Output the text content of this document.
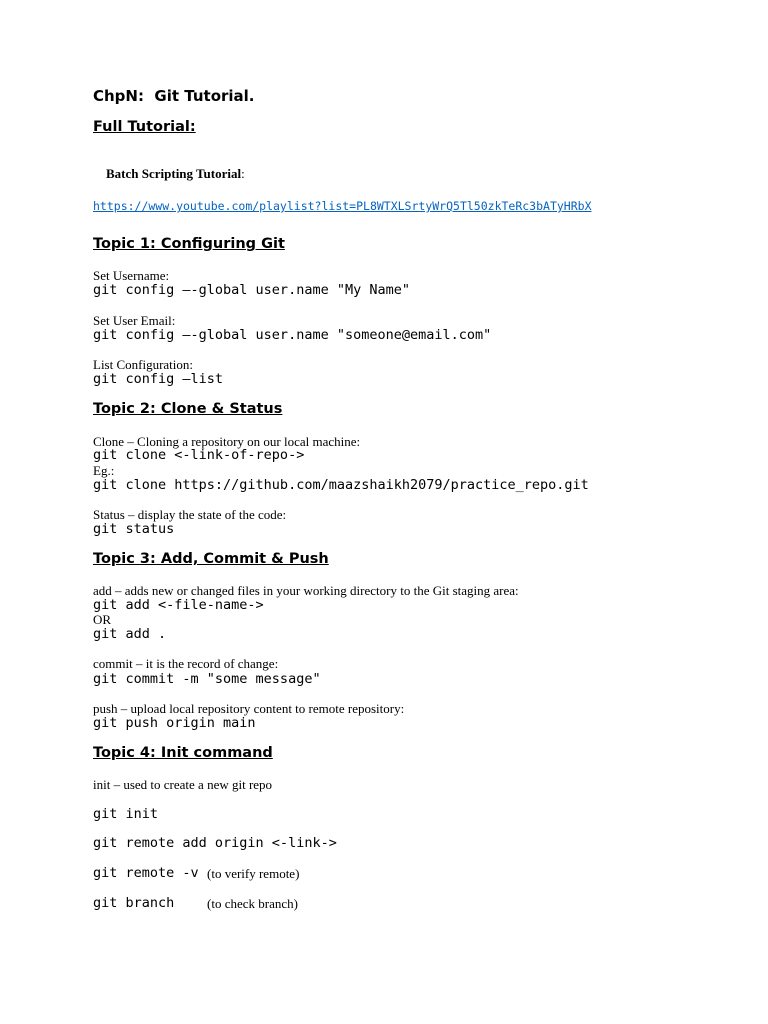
ChpN:  Git Tutorial.
Full Tutorial:

Batch Scripting Tutorial:

https://www.youtube.com/playlist?list=PL8WTXLSrtyWrQ5Tl50zkTeRc3bATyHRbX
Topic 1: Configuring Git
Set Username:
git config —-global user.name "My Name"
Set User Email:
git config —-global user.name "someone@email.com"
List Configuration:
git config —list
Topic 2: Clone & Status
Clone – Cloning a repository on our local machine:
git clone <-link-of-repo->
Eg.:
git clone https://github.com/maazshaikh2079/practice_repo.git
Status – display the state of the code:
git status
Topic 3: Add, Commit & Push
add – adds new or changed files in your working directory to the Git staging area:
git add <-file-name->
OR
git add .
commit – it is the record of change:
git commit -m "some message"
push – upload local repository content to remote repository:
git push origin main
Topic 4: Init command
init – used to create a new git repo
git init
git remote add origin <-link->
git remote -v (to verify remote)
git branch	(to check branch)
